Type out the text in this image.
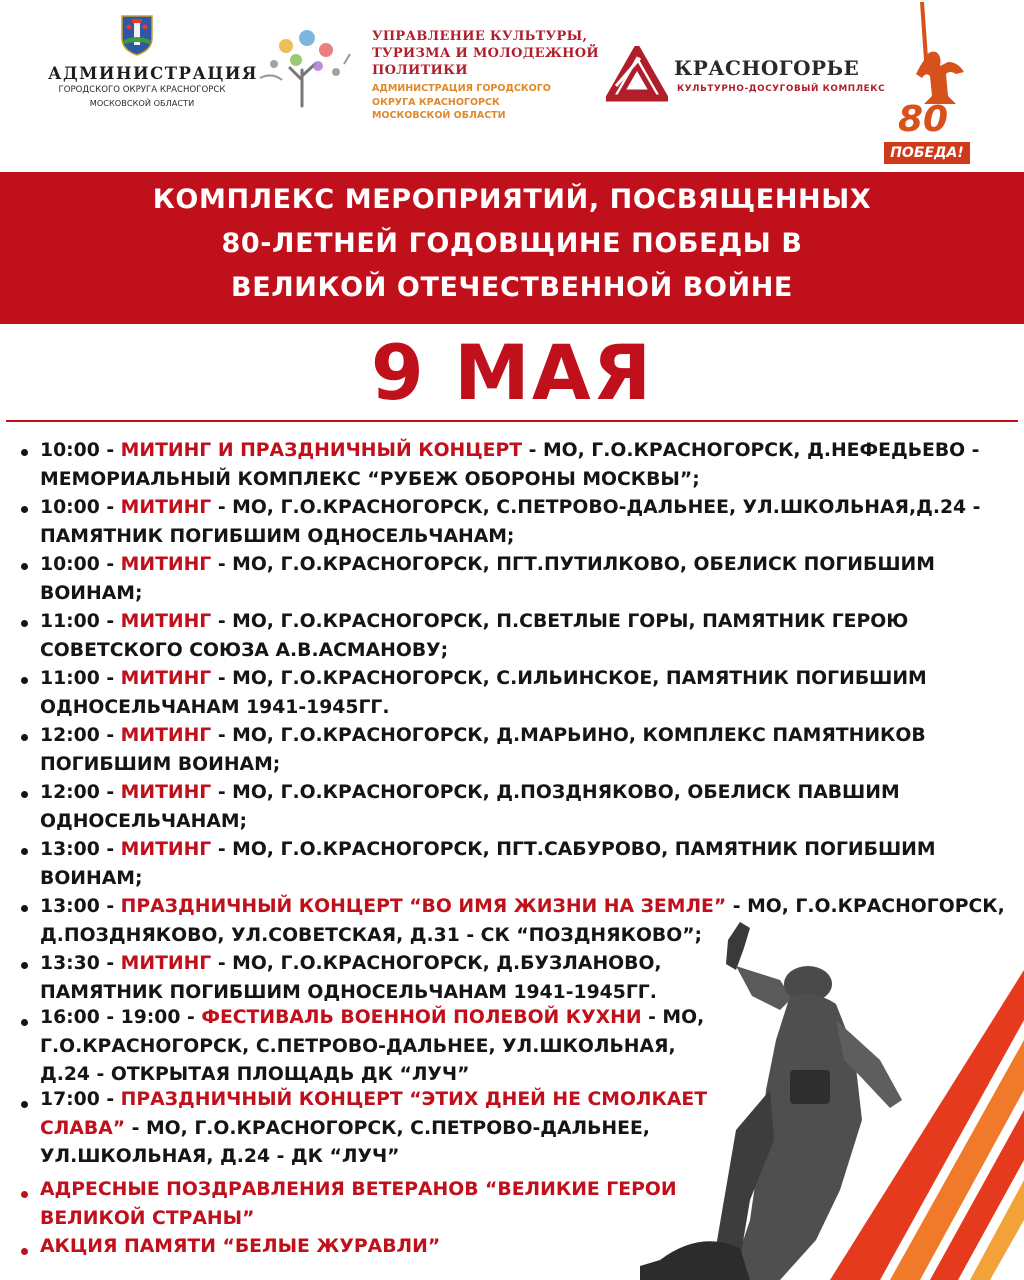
АДМИНИСТРАЦИЯ
ГОРОДСКОГО ОКРУГА КРАСНОГОРСК
МОСКОВСКОЙ ОБЛАСТИ
УПРАВЛЕНИЕ КУЛЬТУРЫ,
ТУРИЗМА И МОЛОДЕЖНОЙ
ПОЛИТИКИ
АДМИНИСТРАЦИЯ ГОРОДСКОГО
ОКРУГА КРАСНОГОРСК
МОСКОВСКОЙ ОБЛАСТИ
КРАСНОГОРЬЕ
КУЛЬТУРНО-ДОСУГОВЫЙ КОМПЛЕКС
80
ПОБЕДА!
КОМПЛЕКС МЕРОПРИЯТИЙ, ПОСВЯЩЕННЫХ
80-ЛЕТНЕЙ ГОДОВЩИНЕ ПОБЕДЫ В
ВЕЛИКОЙ ОТЕЧЕСТВЕННОЙ ВОЙНЕ
9 МАЯ
10:00 - МИТИНГ И ПРАЗДНИЧНЫЙ КОНЦЕРТ - МО, Г.О.КРАСНОГОРСК, Д.НЕФЕДЬЕВО -
МЕМОРИАЛЬНЫЙ КОМПЛЕКС “РУБЕЖ ОБОРОНЫ МОСКВЫ”;
10:00 - МИТИНГ - МО, Г.О.КРАСНОГОРСК, С.ПЕТРОВО-ДАЛЬНЕЕ, УЛ.ШКОЛЬНАЯ,Д.24 -
ПАМЯТНИК ПОГИБШИМ ОДНОСЕЛЬЧАНАМ;
10:00 - МИТИНГ - МО, Г.О.КРАСНОГОРСК, ПГТ.ПУТИЛКОВО, ОБЕЛИСК ПОГИБШИМ
ВОИНАМ;
11:00 - МИТИНГ - МО, Г.О.КРАСНОГОРСК, П.СВЕТЛЫЕ ГОРЫ, ПАМЯТНИК ГЕРОЮ
СОВЕТСКОГО СОЮЗА А.В.АСМАНОВУ;
11:00 - МИТИНГ - МО, Г.О.КРАСНОГОРСК, С.ИЛЬИНСКОЕ, ПАМЯТНИК ПОГИБШИМ
ОДНОСЕЛЬЧАНАМ 1941-1945ГГ.
12:00 - МИТИНГ - МО, Г.О.КРАСНОГОРСК, Д.МАРЬИНО, КОМПЛЕКС ПАМЯТНИКОВ
ПОГИБШИМ ВОИНАМ;
12:00 - МИТИНГ - МО, Г.О.КРАСНОГОРСК, Д.ПОЗДНЯКОВО, ОБЕЛИСК ПАВШИМ
ОДНОСЕЛЬЧАНАМ;
13:00 - МИТИНГ - МО, Г.О.КРАСНОГОРСК, ПГТ.САБУРОВО, ПАМЯТНИК ПОГИБШИМ
ВОИНАМ;
13:00 - ПРАЗДНИЧНЫЙ КОНЦЕРТ “ВО ИМЯ ЖИЗНИ НА ЗЕМЛЕ” - МО, Г.О.КРАСНОГОРСК,
Д.ПОЗДНЯКОВО, УЛ.СОВЕТСКАЯ, Д.31 - СК “ПОЗДНЯКОВО”;
13:30 - МИТИНГ - МО, Г.О.КРАСНОГОРСК, Д.БУЗЛАНОВО,
ПАМЯТНИК ПОГИБШИМ ОДНОСЕЛЬЧАНАМ 1941-1945ГГ.
16:00 - 19:00 - ФЕСТИВАЛЬ ВОЕННОЙ ПОЛЕВОЙ КУХНИ - МО,
Г.О.КРАСНОГОРСК, С.ПЕТРОВО-ДАЛЬНЕЕ, УЛ.ШКОЛЬНАЯ,
Д.24 - ОТКРЫТАЯ ПЛОЩАДЬ ДК “ЛУЧ”
17:00 - ПРАЗДНИЧНЫЙ КОНЦЕРТ “ЭТИХ ДНЕЙ НЕ СМОЛКАЕТ
СЛАВА” - МО, Г.О.КРАСНОГОРСК, С.ПЕТРОВО-ДАЛЬНЕЕ,
УЛ.ШКОЛЬНАЯ, Д.24 - ДК “ЛУЧ”
АДРЕСНЫЕ ПОЗДРАВЛЕНИЯ ВЕТЕРАНОВ “ВЕЛИКИЕ ГЕРОИ
ВЕЛИКОЙ СТРАНЫ”
АКЦИЯ ПАМЯТИ “БЕЛЫЕ ЖУРАВЛИ”
